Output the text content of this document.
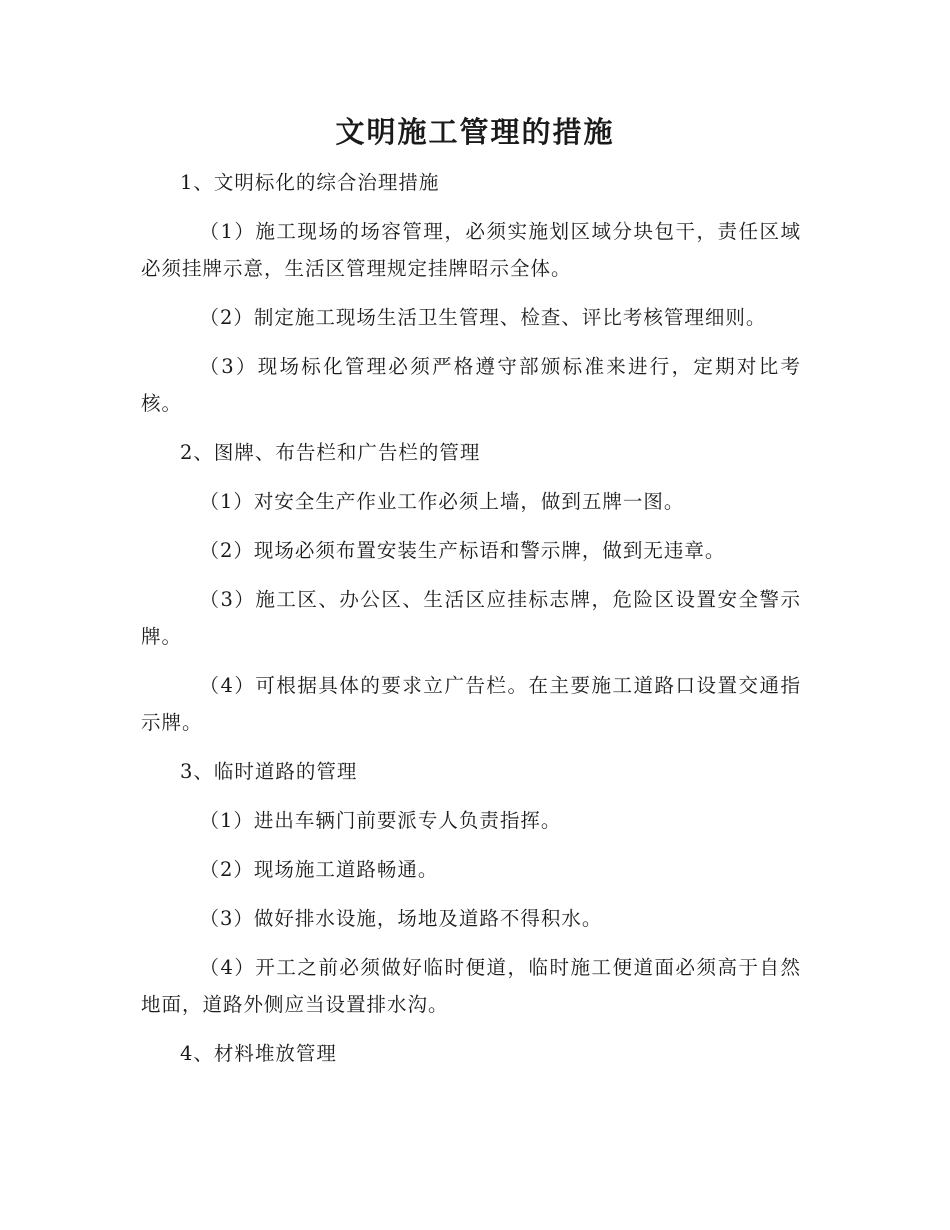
文明施工管理的措施

1、文明标化的综合治理措施

（1）施工现场的场容管理，必须实施划区域分块包干，责任区域必须挂牌示意，生活区管理规定挂牌昭示全体。

（2）制定施工现场生活卫生管理、检查、评比考核管理细则。

（3）现场标化管理必须严格遵守部颁标准来进行，定期对比考核。

2、图牌、布告栏和广告栏的管理

（1）对安全生产作业工作必须上墙，做到五牌一图。

（2）现场必须布置安装生产标语和警示牌，做到无违章。

（3）施工区、办公区、生活区应挂标志牌，危险区设置安全警示牌。

（4）可根据具体的要求立广告栏。在主要施工道路口设置交通指示牌。

3、临时道路的管理

（1）进出车辆门前要派专人负责指挥。

（2）现场施工道路畅通。

（3）做好排水设施，场地及道路不得积水。

（4）开工之前必须做好临时便道，临时施工便道面必须高于自然地面，道路外侧应当设置排水沟。

4、材料堆放管理
